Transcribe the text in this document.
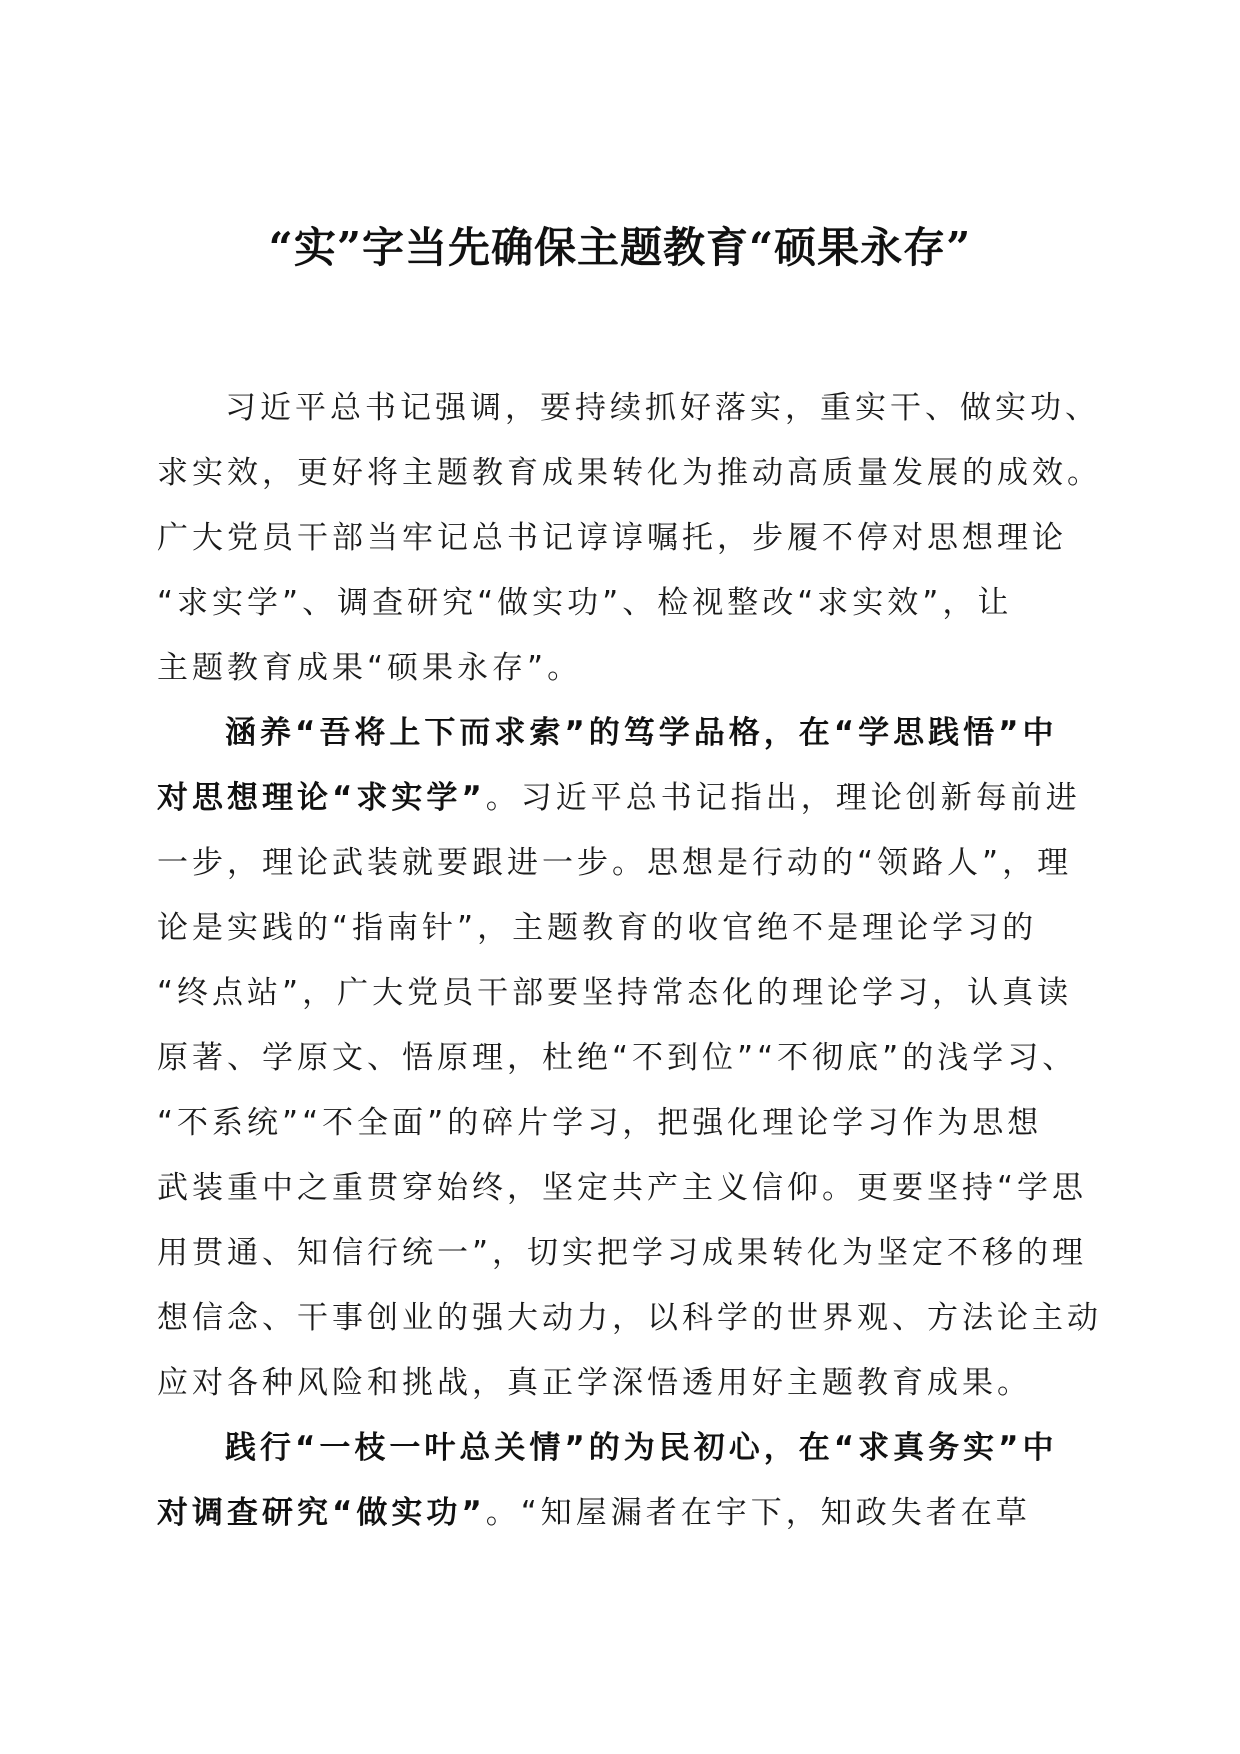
“实”字当先确保主题教育“硕果永存”
习近平总书记强调，要持续抓好落实，重实干、做实功、
求实效，更好将主题教育成果转化为推动高质量发展的成效。
广大党员干部当牢记总书记谆谆嘱托，步履不停对思想理论
“求实学”、调查研究“做实功”、检视整改“求实效”，让
主题教育成果“硕果永存”。
涵养“吾将上下而求索”的笃学品格，在“学思践悟”中
对思想理论“求实学”。习近平总书记指出，理论创新每前进
一步，理论武装就要跟进一步。思想是行动的“领路人”，理
论是实践的“指南针”，主题教育的收官绝不是理论学习的
“终点站”，广大党员干部要坚持常态化的理论学习，认真读
原著、学原文、悟原理，杜绝“不到位”“不彻底”的浅学习、
“不系统”“不全面”的碎片学习，把强化理论学习作为思想
武装重中之重贯穿始终，坚定共产主义信仰。更要坚持“学思
用贯通、知信行统一”，切实把学习成果转化为坚定不移的理
想信念、干事创业的强大动力，以科学的世界观、方法论主动
应对各种风险和挑战，真正学深悟透用好主题教育成果。
践行“一枝一叶总关情”的为民初心，在“求真务实”中
对调查研究“做实功”。“知屋漏者在宇下，知政失者在草
